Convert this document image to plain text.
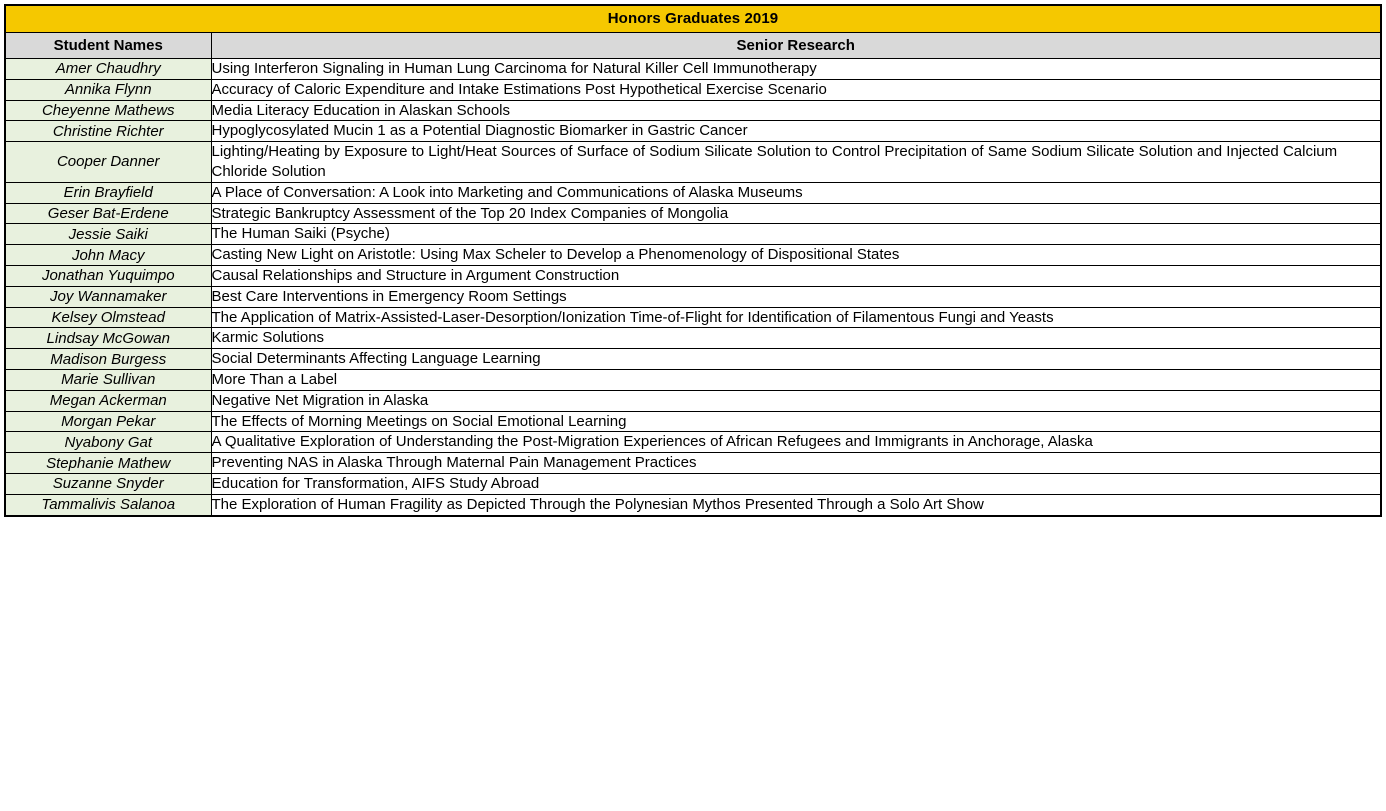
Honors Graduates 2019	
Student Names	Senior Research
Amer Chaudhry	Using Interferon Signaling in Human Lung Carcinoma for Natural Killer Cell Immunotherapy
Annika Flynn	Accuracy of Caloric Expenditure and Intake Estimations Post Hypothetical Exercise Scenario
Cheyenne Mathews	Media Literacy Education in Alaskan Schools
Christine Richter	Hypoglycosylated Mucin 1 as a Potential Diagnostic Biomarker in Gastric Cancer
Cooper Danner	Lighting/Heating by Exposure to Light/Heat Sources of Surface of Sodium Silicate Solution to Control Precipitation of Same Sodium Silicate Solution and Injected Calcium Chloride Solution
Erin Brayfield	A Place of Conversation: A Look into Marketing and Communications of Alaska Museums
Geser Bat-Erdene	Strategic Bankruptcy Assessment of the Top 20 Index Companies of Mongolia
Jessie Saiki	The Human Saiki (Psyche)
John Macy	Casting New Light on Aristotle: Using Max Scheler to Develop a Phenomenology of Dispositional States
Jonathan Yuquimpo	Causal Relationships and Structure in Argument Construction
Joy Wannamaker	Best Care Interventions in Emergency Room Settings
Kelsey Olmstead	The Application of Matrix-Assisted-Laser-Desorption/Ionization Time-of-Flight for Identification of Filamentous Fungi and Yeasts
Lindsay McGowan	Karmic Solutions
Madison Burgess	Social Determinants Affecting Language Learning
Marie Sullivan	More Than a Label
Megan Ackerman	Negative Net Migration in Alaska
Morgan Pekar	The Effects of Morning Meetings on Social Emotional Learning
Nyabony Gat	A Qualitative Exploration of Understanding the Post-Migration Experiences of African Refugees and Immigrants in Anchorage, Alaska
Stephanie Mathew	Preventing NAS in Alaska Through Maternal Pain Management Practices
Suzanne Snyder	Education for Transformation, AIFS Study Abroad
Tammalivis Salanoa	The Exploration of Human Fragility as Depicted Through the Polynesian Mythos Presented Through a Solo Art Show
